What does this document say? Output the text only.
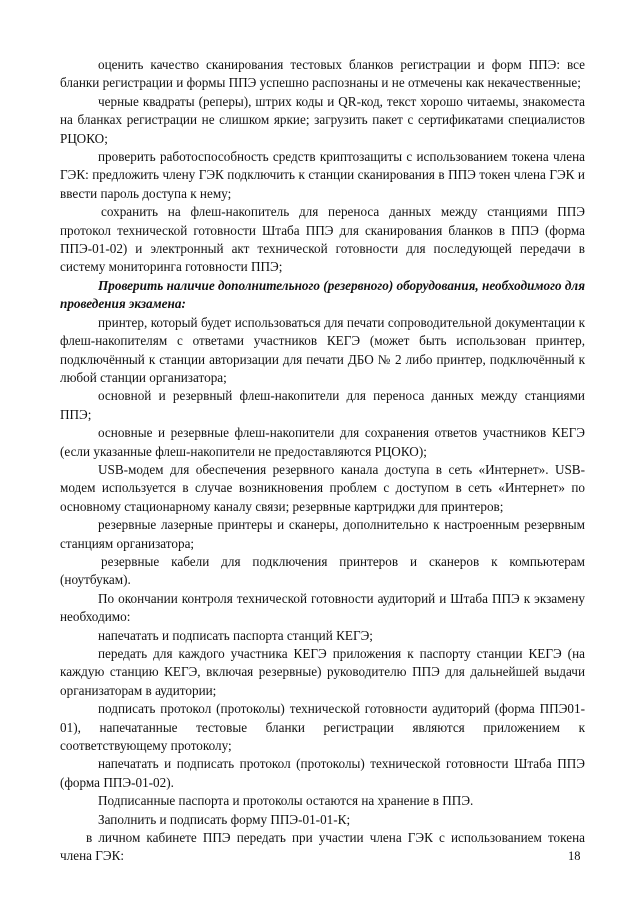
оценить качество сканирования тестовых бланков регистрации и форм ППЭ: все бланки регистрации и формы ППЭ успешно распознаны и не отмечены как некачественные;

черные квадраты (реперы), штрих коды и QR-код, текст хорошо читаемы, знакоместа на бланках регистрации не слишком яркие; загрузить пакет с сертификатами специалистов РЦОКО;

проверить работоспособность средств криптозащиты с использованием токена члена ГЭК: предложить члену ГЭК подключить к станции сканирования в ППЭ токен члена ГЭК и ввести пароль доступа к нему;

сохранить на флеш-накопитель для переноса данных между станциями ППЭ протокол технической готовности Штаба ППЭ для сканирования бланков в ППЭ (форма ППЭ-01-02) и электронный акт технической готовности для последующей передачи в систему мониторинга готовности ППЭ;

Проверить наличие дополнительного (резервного) оборудования, необходимого для проведения экзамена:

принтер, который будет использоваться для печати сопроводительной документации к флеш-накопителям с ответами участников КЕГЭ (может быть использован принтер, подключённый к станции авторизации для печати ДБО № 2 либо принтер, подключённый к любой станции организатора;

основной и резервный флеш-накопители для переноса данных между станциями ППЭ;

основные и резервные флеш-накопители для сохранения ответов участников КЕГЭ (если указанные флеш-накопители не предоставляются РЦОКО);

USB-модем для обеспечения резервного канала доступа в сеть «Интернет». USB-модем используется в случае возникновения проблем с доступом в сеть «Интернет» по основному стационарному каналу связи; резервные картриджи для принтеров;

резервные лазерные принтеры и сканеры, дополнительно к настроенным резервным станциям организатора;

резервные кабели для подключения принтеров и сканеров к компьютерам (ноутбукам).

По окончании контроля технической готовности аудиторий и Штаба ППЭ к экзамену необходимо:

напечатать и подписать паспорта станций КЕГЭ;

передать для каждого участника КЕГЭ приложения к паспорту станции КЕГЭ (на каждую станцию КЕГЭ, включая резервные) руководителю ППЭ для дальнейшей выдачи организаторам в аудитории;

подписать протокол (протоколы) технической готовности аудиторий (форма ППЭ01-01), напечатанные тестовые бланки регистрации являются приложением к соответствующему протоколу;

напечатать и подписать протокол (протоколы) технической готовности Штаба ППЭ (форма ППЭ-01-02).

Подписанные паспорта и протоколы остаются на хранение в ППЭ.

Заполнить и подписать форму ППЭ-01-01-К;

в личном кабинете ППЭ передать при участии члена ГЭК с использованием токена члена ГЭК:	18
